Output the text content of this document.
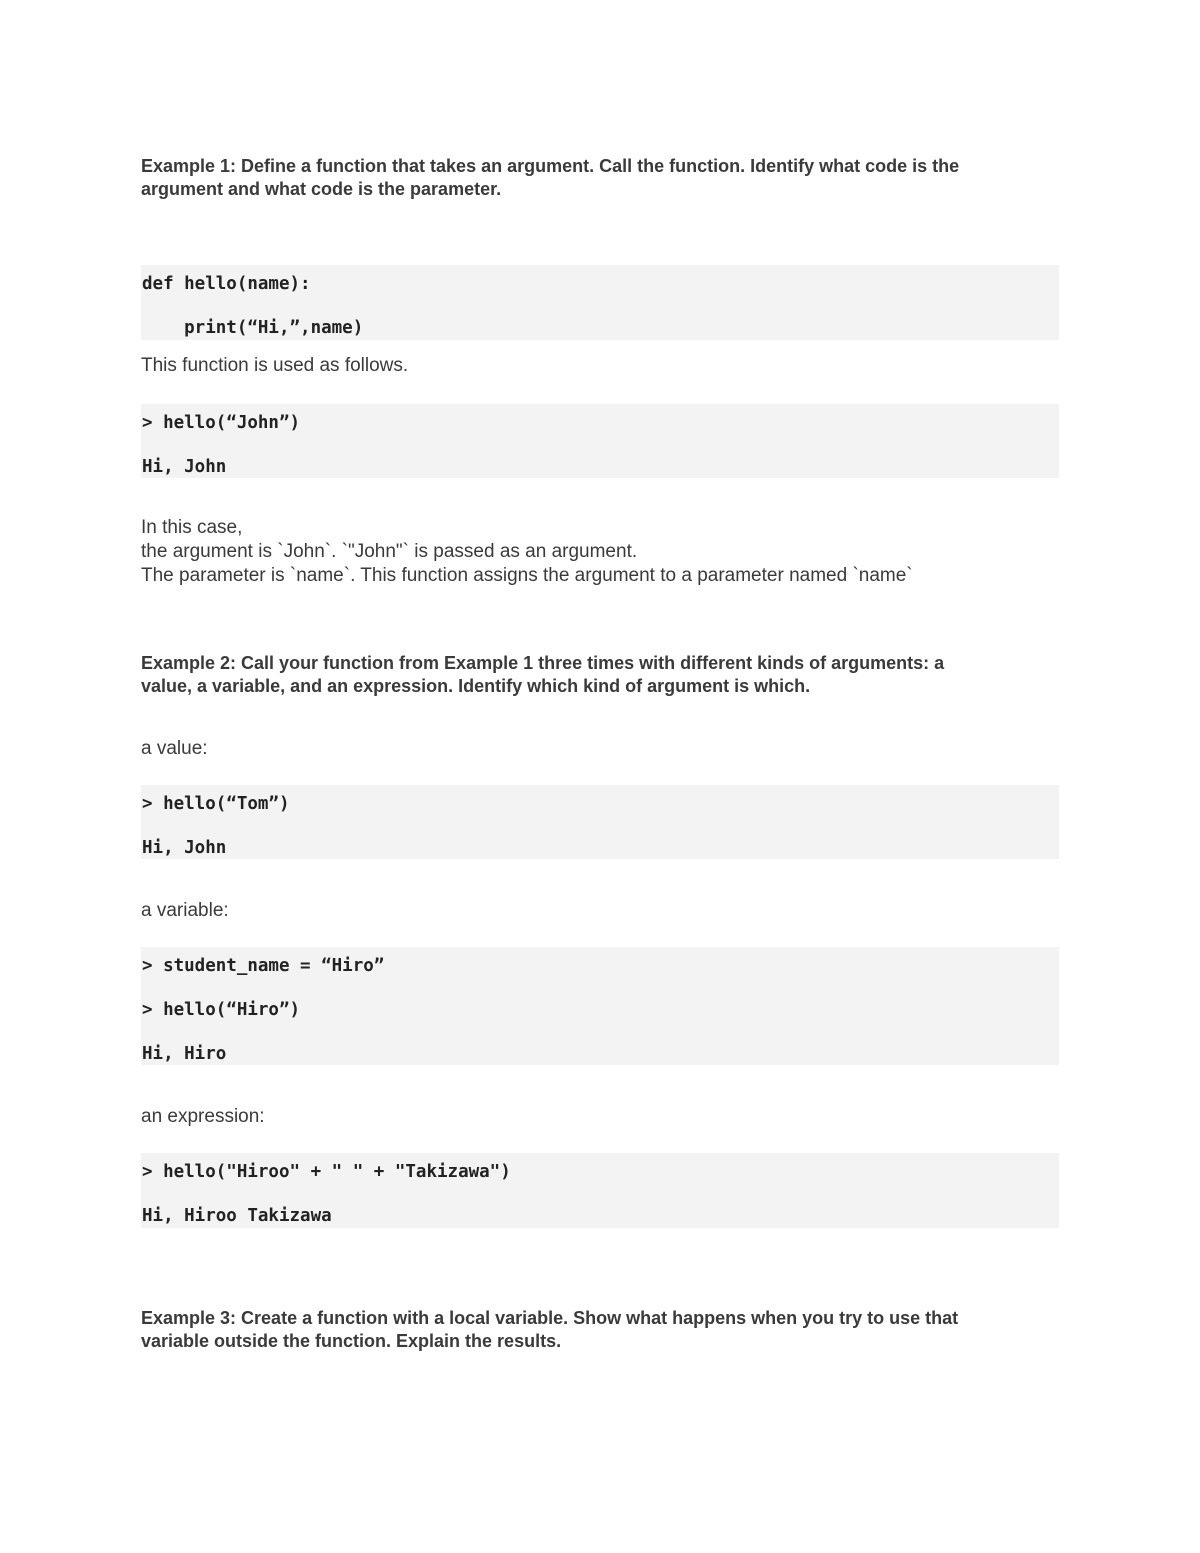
Example 1: Define a function that takes an argument. Call the function. Identify what code is the
argument and what code is the parameter.
def hello(name):
print(“Hi,”,name)
This function is used as follows.
> hello(“John”)
Hi, John
In this case,
the argument is `John`. `"John"` is passed as an argument.
The parameter is `name`. This function assigns the argument to a parameter named `name`
Example 2: Call your function from Example 1 three times with different kinds of arguments: a
value, a variable, and an expression. Identify which kind of argument is which.
a value:
> hello(“Tom”)
Hi, John
a variable:
> student_name = “Hiro”
> hello(“Hiro”)
Hi, Hiro
an expression:
> hello("Hiroo" + " " + "Takizawa")
Hi, Hiroo Takizawa
Example 3: Create a function with a local variable. Show what happens when you try to use that
variable outside the function. Explain the results.
